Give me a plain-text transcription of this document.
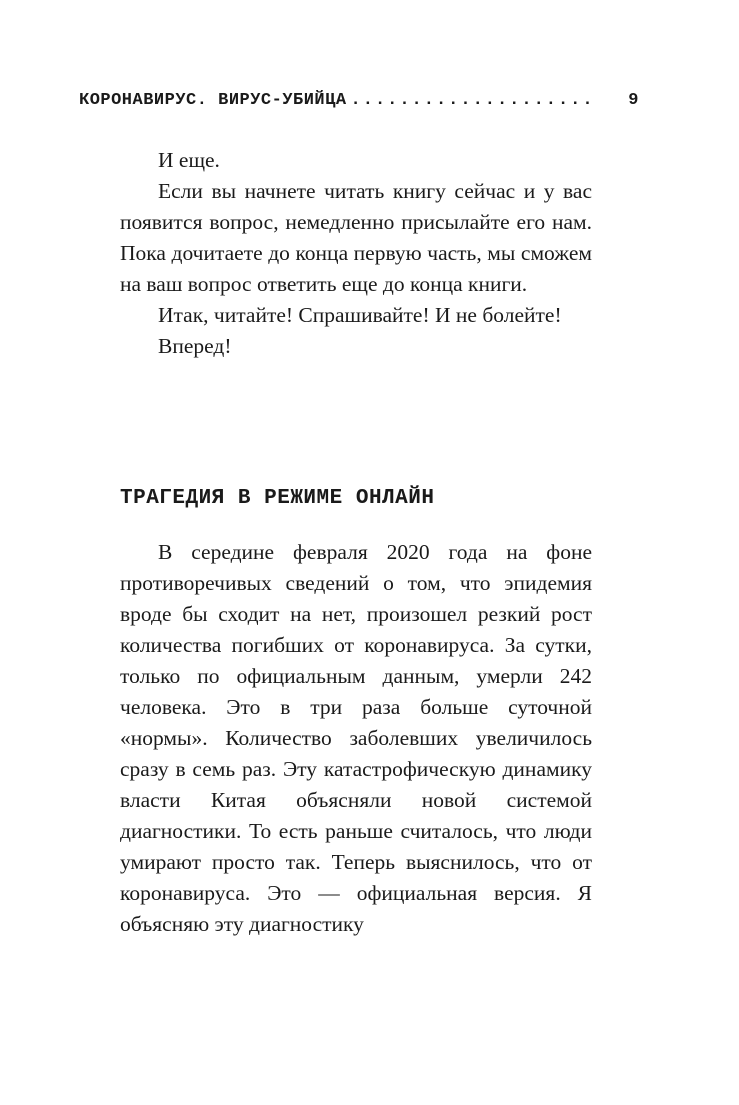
КОРОНАВИРУС. ВИРУС-УБИЙЦА ....................	9

И еще.

Если вы начнете читать книгу сейчас и у вас появится вопрос, немедленно присылайте его нам. Пока дочитаете до конца первую часть, мы сможем на ваш вопрос ответить еще до конца книги.

Итак, читайте! Спрашивайте! И не болейте!

Вперед!

ТРАГЕДИЯ В РЕЖИМЕ ОНЛАЙН

В середине февраля 2020 года на фоне противоречивых сведений о том, что эпидемия вроде бы сходит на нет, произошел резкий рост количества погибших от коронавируса. За сутки, только по официальным данным, умерли 242 человека. Это в три раза больше суточной «нормы». Количество заболевших увеличилось сразу в семь раз. Эту катастрофическую динамику власти Китая объясняли новой системой диагностики. То есть раньше считалось, что люди умирают просто так. Теперь выяснилось, что от коронавируса. Это — официальная версия. Я объясняю эту диагностику
